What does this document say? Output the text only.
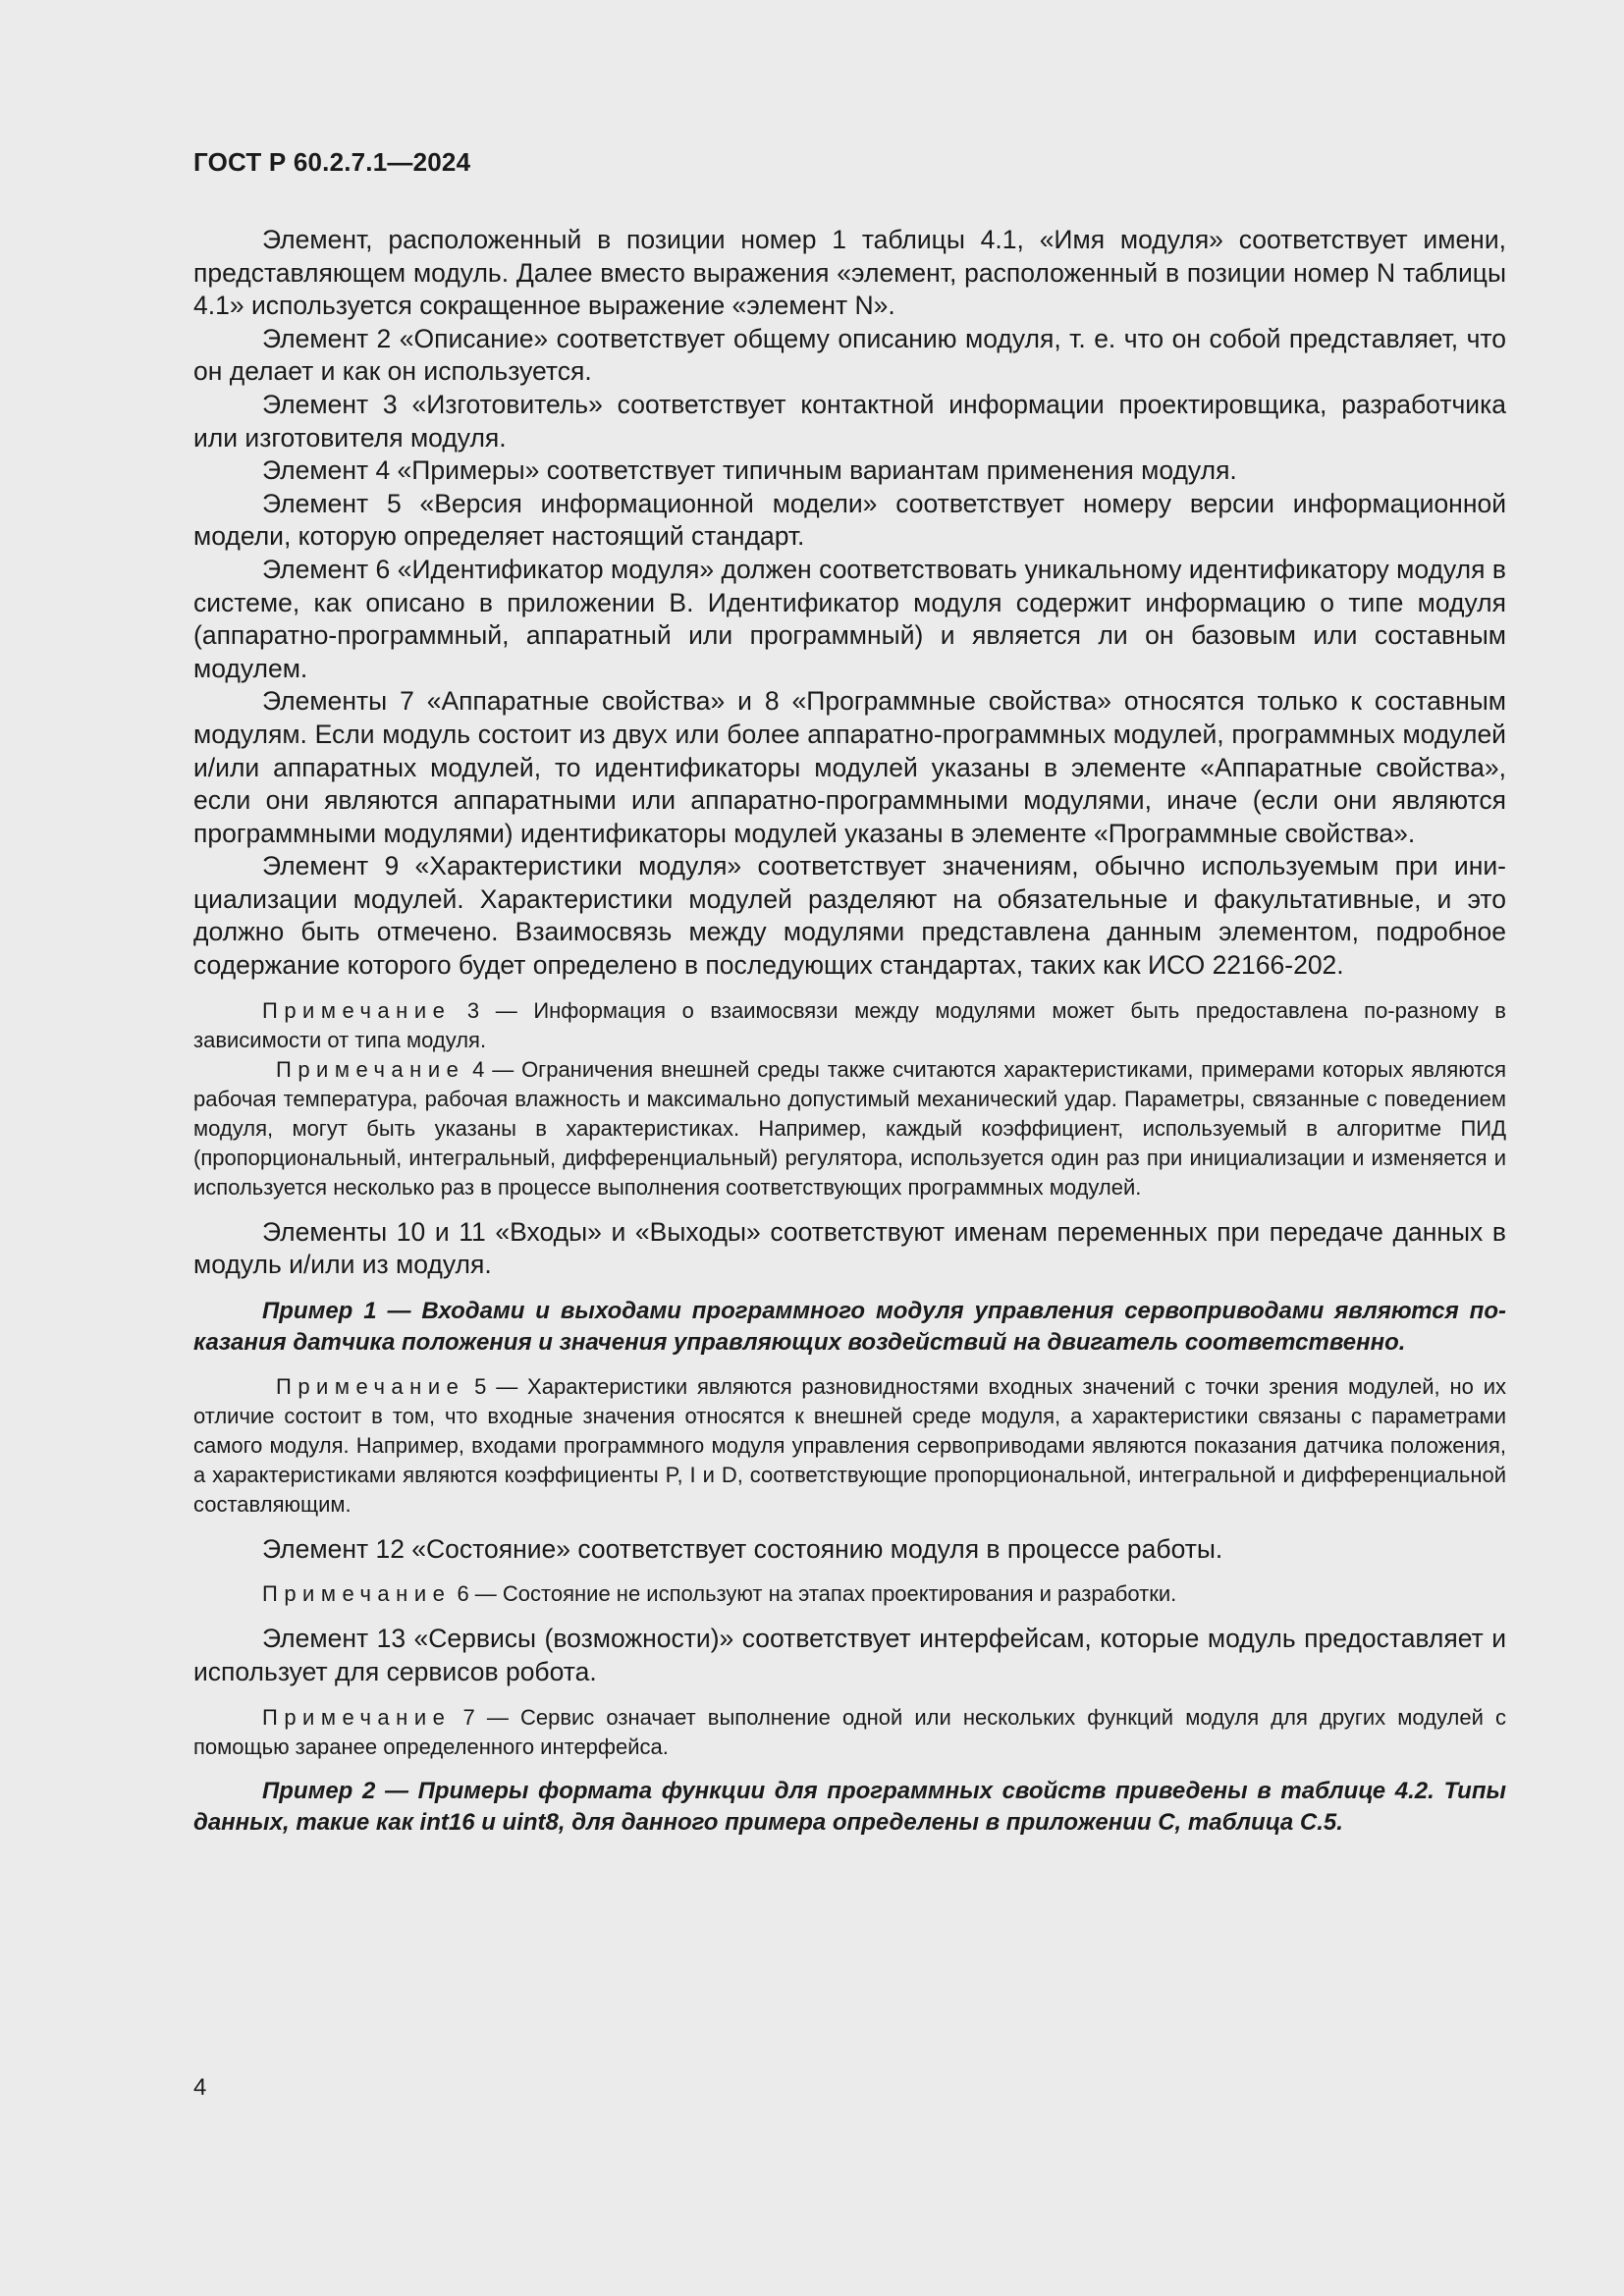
ГОСТ Р 60.2.7.1—2024

Элемент, расположенный в позиции номер 1 таблицы 4.1, «Имя модуля» соответствует имени, представляющем модуль. Далее вместо выражения «элемент, расположенный в позиции номер N таблицы 4.1» используется сокращенное выражение «элемент N».

Элемент 2 «Описание» соответствует общему описанию модуля, т. е. что он собой представляет, что он делает и как он используется.

Элемент 3 «Изготовитель» соответствует контактной информации проектировщика, разработчика или изготовителя модуля.

Элемент 4 «Примеры» соответствует типичным вариантам применения модуля.

Элемент 5 «Версия информационной модели» соответствует номеру версии информационной модели, которую определяет настоящий стандарт.

Элемент 6 «Идентификатор модуля» должен соответствовать уникальному идентификатору модуля в системе, как описано в приложении В. Идентификатор модуля содержит информацию о типе модуля (аппаратно-программный, аппаратный или программный) и является ли он базовым или составным модулем.

Элементы 7 «Аппаратные свойства» и 8 «Программные свойства» относятся только к составным модулям. Если модуль состоит из двух или более аппаратно-программных модулей, программных модулей и/или аппаратных модулей, то идентификаторы модулей указаны в элементе «Аппаратные свойства», если они являются аппаратными или аппаратно-программными модулями, иначе (если они являются программными модулями) идентификаторы модулей указаны в элементе «Программные свойства».

Элемент 9 «Характеристики модуля» соответствует значениям, обычно используемым при инициализации модулей. Характеристики модулей разделяют на обязательные и факультативные, и это должно быть отмечено. Взаимосвязь между модулями представлена данным элементом, подробное содержание которого будет определено в последующих стандартах, таких как ИСО 22166-202.

Примечание 3 — Информация о взаимосвязи между модулями может быть предоставлена по-разному в зависимости от типа модуля.

Примечание 4 — Ограничения внешней среды также считаются характеристиками, примерами которых являются рабочая температура, рабочая влажность и максимально допустимый механический удар. Параметры, связанные с поведением модуля, могут быть указаны в характеристиках. Например, каждый коэффициент, используемый в алгоритме ПИД (пропорциональный, интегральный, дифференциальный) регулятора, используется один раз при инициализации и изменяется и используется несколько раз в процессе выполнения соответствующих программных модулей.

Элементы 10 и 11 «Входы» и «Выходы» соответствуют именам переменных при передаче данных в модуль и/или из модуля.

Пример 1 — Входами и выходами программного модуля управления сервоприводами являются показания датчика положения и значения управляющих воздействий на двигатель соответственно.

Примечание 5 — Характеристики являются разновидностями входных значений с точки зрения модулей, но их отличие состоит в том, что входные значения относятся к внешней среде модуля, а характеристики связаны с параметрами самого модуля. Например, входами программного модуля управления сервоприводами являются показания датчика положения, а характеристиками являются коэффициенты P, I и D, соответствующие пропорциональной, интегральной и дифференциальной составляющим.

Элемент 12 «Состояние» соответствует состоянию модуля в процессе работы.

Примечание 6 — Состояние не используют на этапах проектирования и разработки.

Элемент 13 «Сервисы (возможности)» соответствует интерфейсам, которые модуль предоставляет и использует для сервисов робота.

Примечание 7 — Сервис означает выполнение одной или нескольких функций модуля для других модулей с помощью заранее определенного интерфейса.

Пример 2 — Примеры формата функции для программных свойств приведены в таблице 4.2. Типы данных, такие как int16 и uint8, для данного примера определены в приложении С, таблица С.5.

4
